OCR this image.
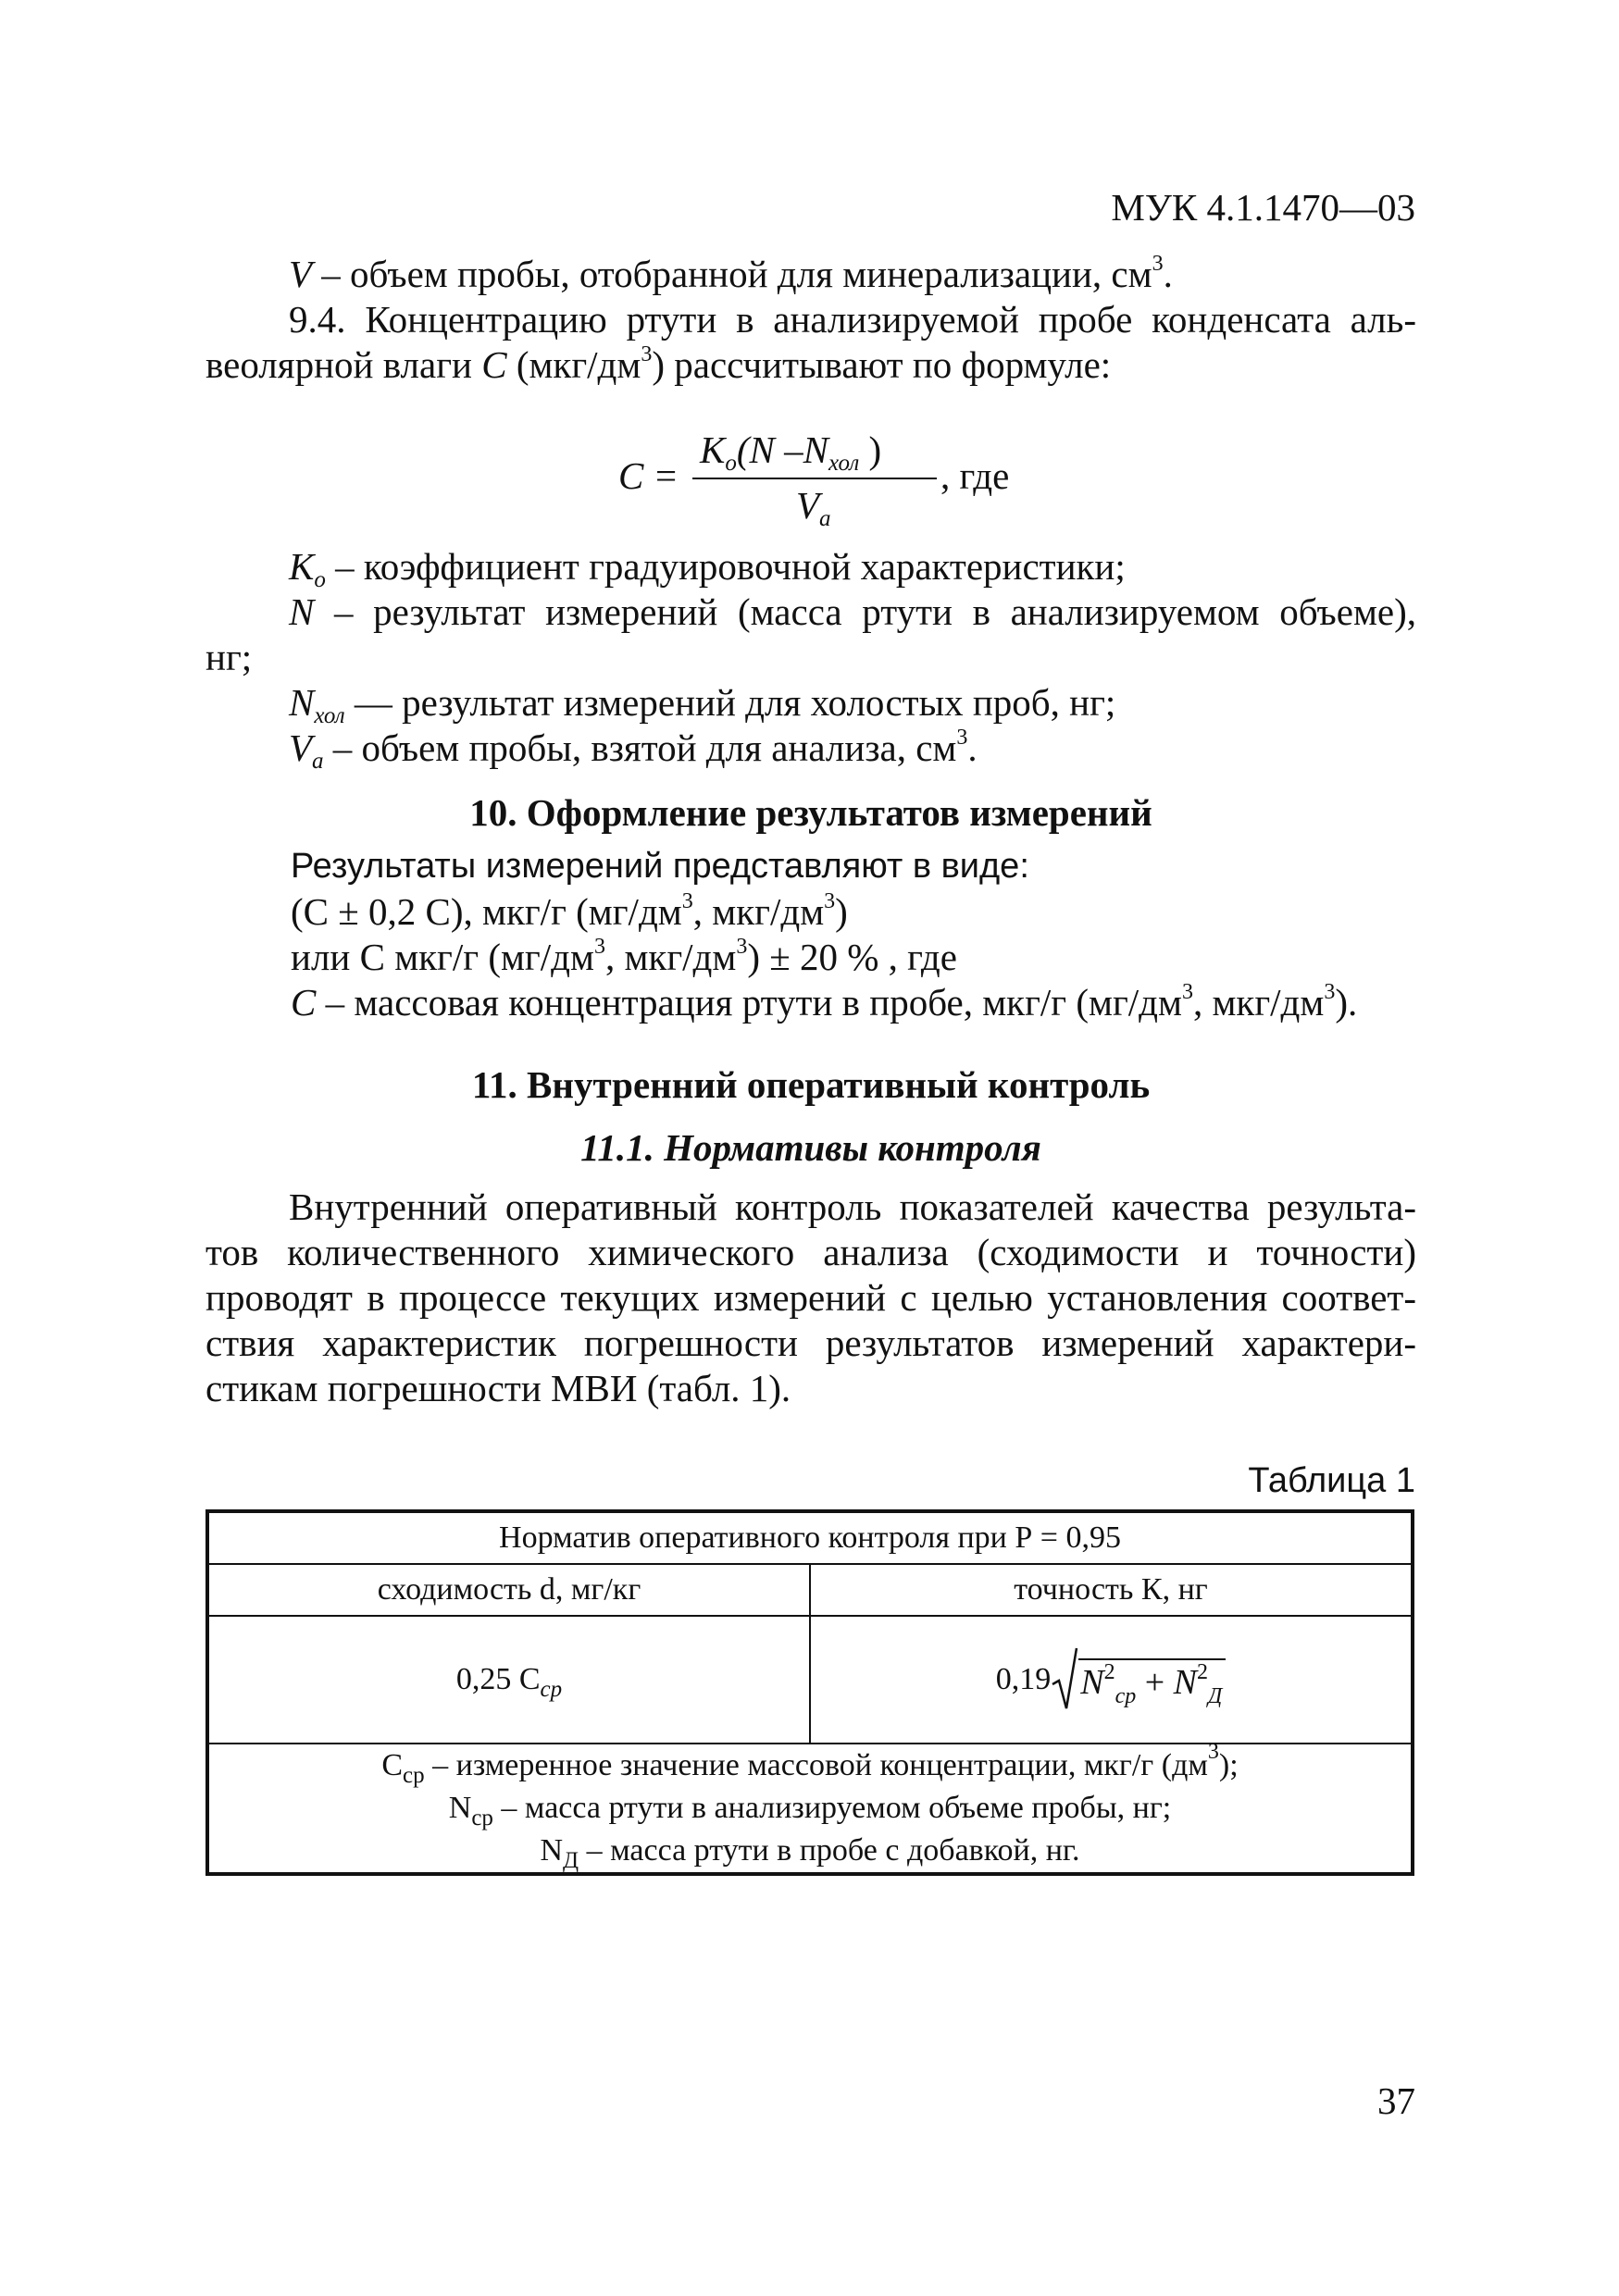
МУК 4.1.1470—03
V – объем пробы, отобранной для минерализации, $см^3$.
9.4. Концентрацию ртути в анализируемой пробе конденсата аль-
веолярной влаги C $(мкг/дм^3)$ рассчитывают по формуле:
C =
$K_o(N$ $-N_{хол}$ )
$V_a$
, где
$K_o$ – коэффициент градуировочной характеристики;
N – результат измерений (масса ртути в анализируемом объеме),
нг;
$N_{хол}$ — результат измерений для холостых проб, нг;
$V_a$ – объем пробы, взятой для анализа, $см^3$.
10. Оформление результатов измерений
Результаты измерений представляют в виде:
(С ± 0,2 С), мкг/г ($мг/дм^3$, мкг/$дм^3$)
или С мкг/г ($мг/дм^3$, мкг/$дм^3) \pm 20$ % , где
C – массовая концентрация ртути в пробе, мкг/г ($мг/дм^3$, мкг/$дм^3$).
11. Внутренний оперативный контроль
11.1. Нормативы контроля
Внутренний оперативный контроль показателей качества результа-
тов количественного химического анализа (сходимости и точности)
проводят в процессе текущих измерений с целью установления соответ-
ствия характеристик погрешности результатов измерений характери-
стикам погрешности МВИ (табл. 1).
Таблица 1
Норматив оперативного контроля при Р = 0,95	
сходимость d, мг/кг	точность К, нг
0,25 $С_{ср}$	0,19 $N^2_{ср} + N^2_Д$

$С_{ср}$ – измеренное значение массовой концентрации, мкг/г $(дм^3)$;
$N_{ср}$ – масса ртути в анализируемом объеме пробы, нг;
$N_Д$ – масса ртути в пробе с добавкой, нг.	
37
